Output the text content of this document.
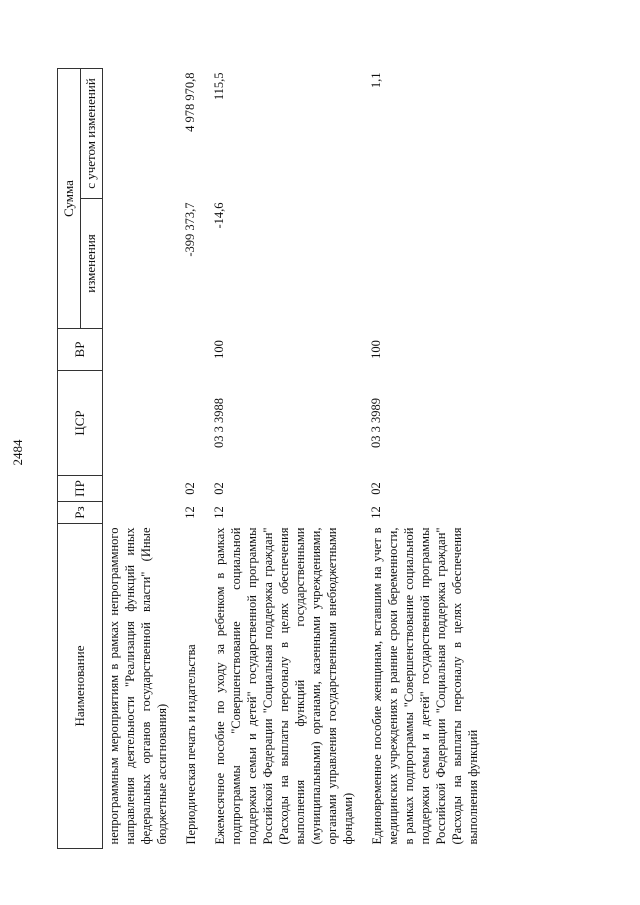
2484
Наименование	Рз	ПР	ЦСР	ВР	Сумма	
					изменения	с учетом изменений
непрограммным мероприятиям в рамках непрограммного направления деятельности "Реализация функций иных федеральных органов государственной власти" (Иные бюджетные ассигнования)						
Периодическая печать и издательства	12	02			-399 373,7	4 978 970,8
Ежемесячное пособие по уходу за ребенком в рамках подпрограммы "Совершенствование социальной поддержки семьи и детей" государственной программы Российской Федерации "Социальная поддержка граждан" (Расходы на выплаты персоналу в целях обеспечения выполнения функций государственными (муниципальными) органами, казенными учреждениями, органами управления государственными внебюджетными фондами)	12	02	03 3 3988	100	-14,6	115,5
Единовременное пособие женщинам, вставшим на учет в медицинских учреждениях в ранние сроки беременности, в рамках подпрограммы "Совершенствование социальной поддержки семьи и детей" государственной программы Российской Федерации "Социальная поддержка граждан" (Расходы на выплаты персоналу в целях обеспечения выполнения функций	12	02	03 3 3989	100		1,1
